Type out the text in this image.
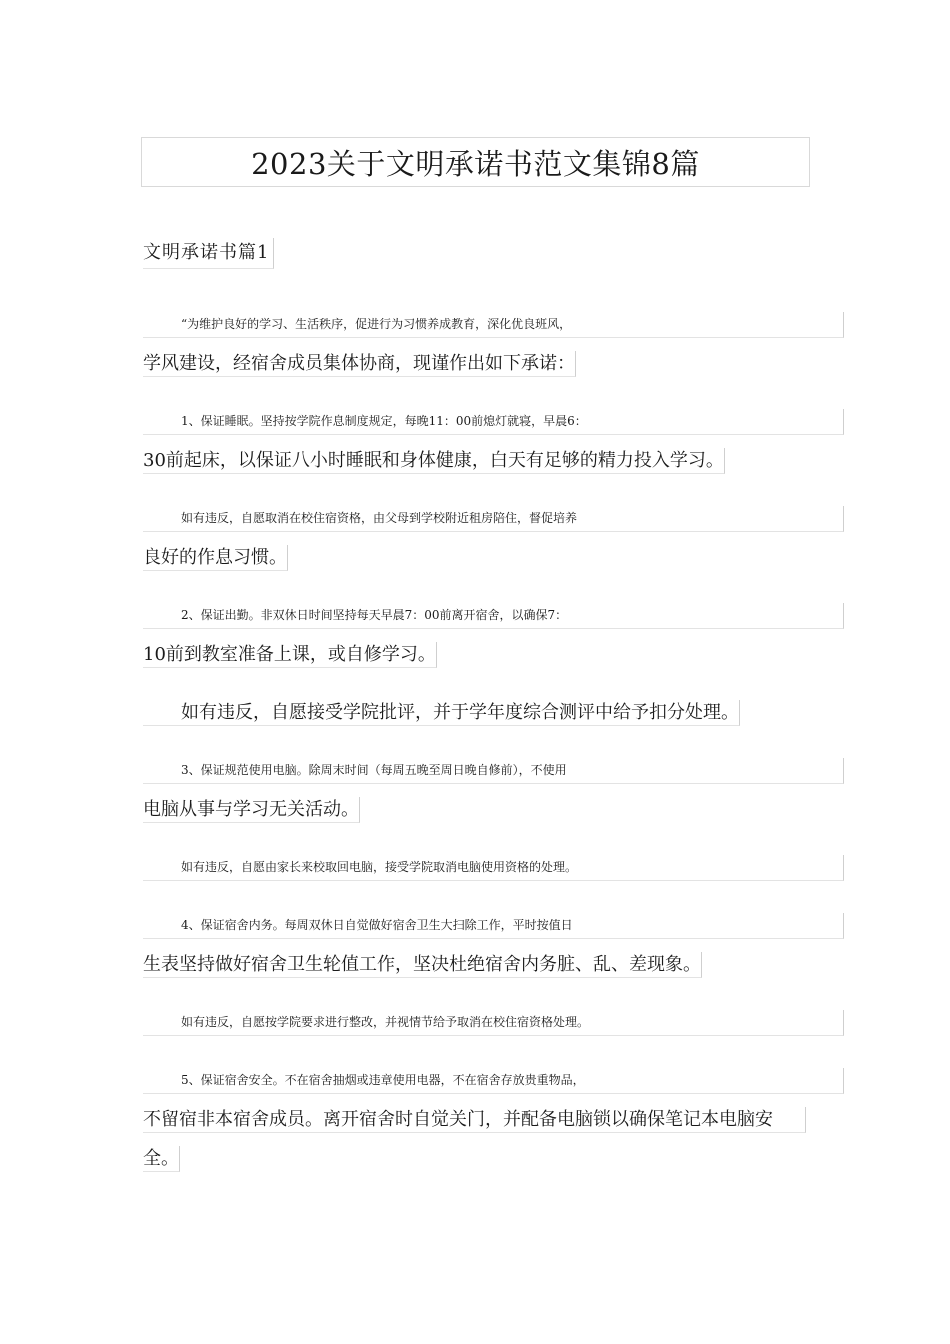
2023关于文明承诺书范文集锦8篇
文明承诺书篇1
“为维护良好的学习、生活秩序，促进行为习惯养成教育，深化优良班风，
学风建设，经宿舍成员集体协商，现谨作出如下承诺：
1、保证睡眠。坚持按学院作息制度规定，每晚11：00前熄灯就寝，早晨6：
30前起床，以保证八小时睡眠和身体健康，白天有足够的精力投入学习。
如有违反，自愿取消在校住宿资格，由父母到学校附近租房陪住，督促培养
良好的作息习惯。
2、保证出勤。非双休日时间坚持每天早晨7：00前离开宿舍，以确保7：
10前到教室准备上课，或自修学习。
如有违反，自愿接受学院批评，并于学年度综合测评中给予扣分处理。
3、保证规范使用电脑。除周末时间（每周五晚至周日晚自修前），不使用
电脑从事与学习无关活动。
如有违反，自愿由家长来校取回电脑，接受学院取消电脑使用资格的处理。
4、保证宿舍内务。每周双休日自觉做好宿舍卫生大扫除工作，平时按值日
生表坚持做好宿舍卫生轮值工作，坚决杜绝宿舍内务脏、乱、差现象。
如有违反，自愿按学院要求进行整改，并视情节给予取消在校住宿资格处理。
5、保证宿舍安全。不在宿舍抽烟或违章使用电器，不在宿舍存放贵重物品，
不留宿非本宿舍成员。离开宿舍时自觉关门，并配备电脑锁以确保笔记本电脑安
全。
